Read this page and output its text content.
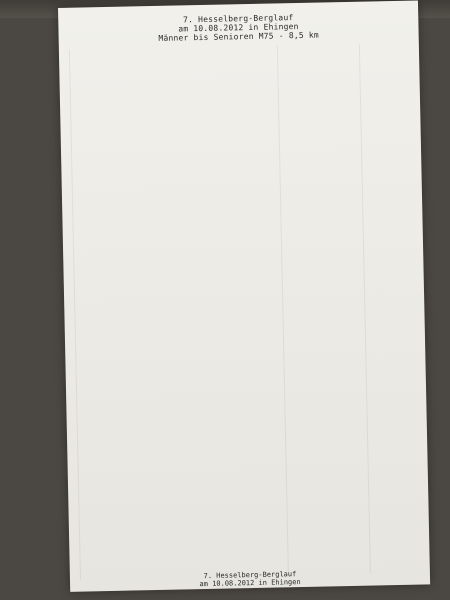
7. Hesselberg-Berglauf
am 10.08.2012 in Ehingen
Männer bis Senioren M75 - 8,5 km
7. Hesselberg-Berglauf
am 10.08.2012 in Ehingen
